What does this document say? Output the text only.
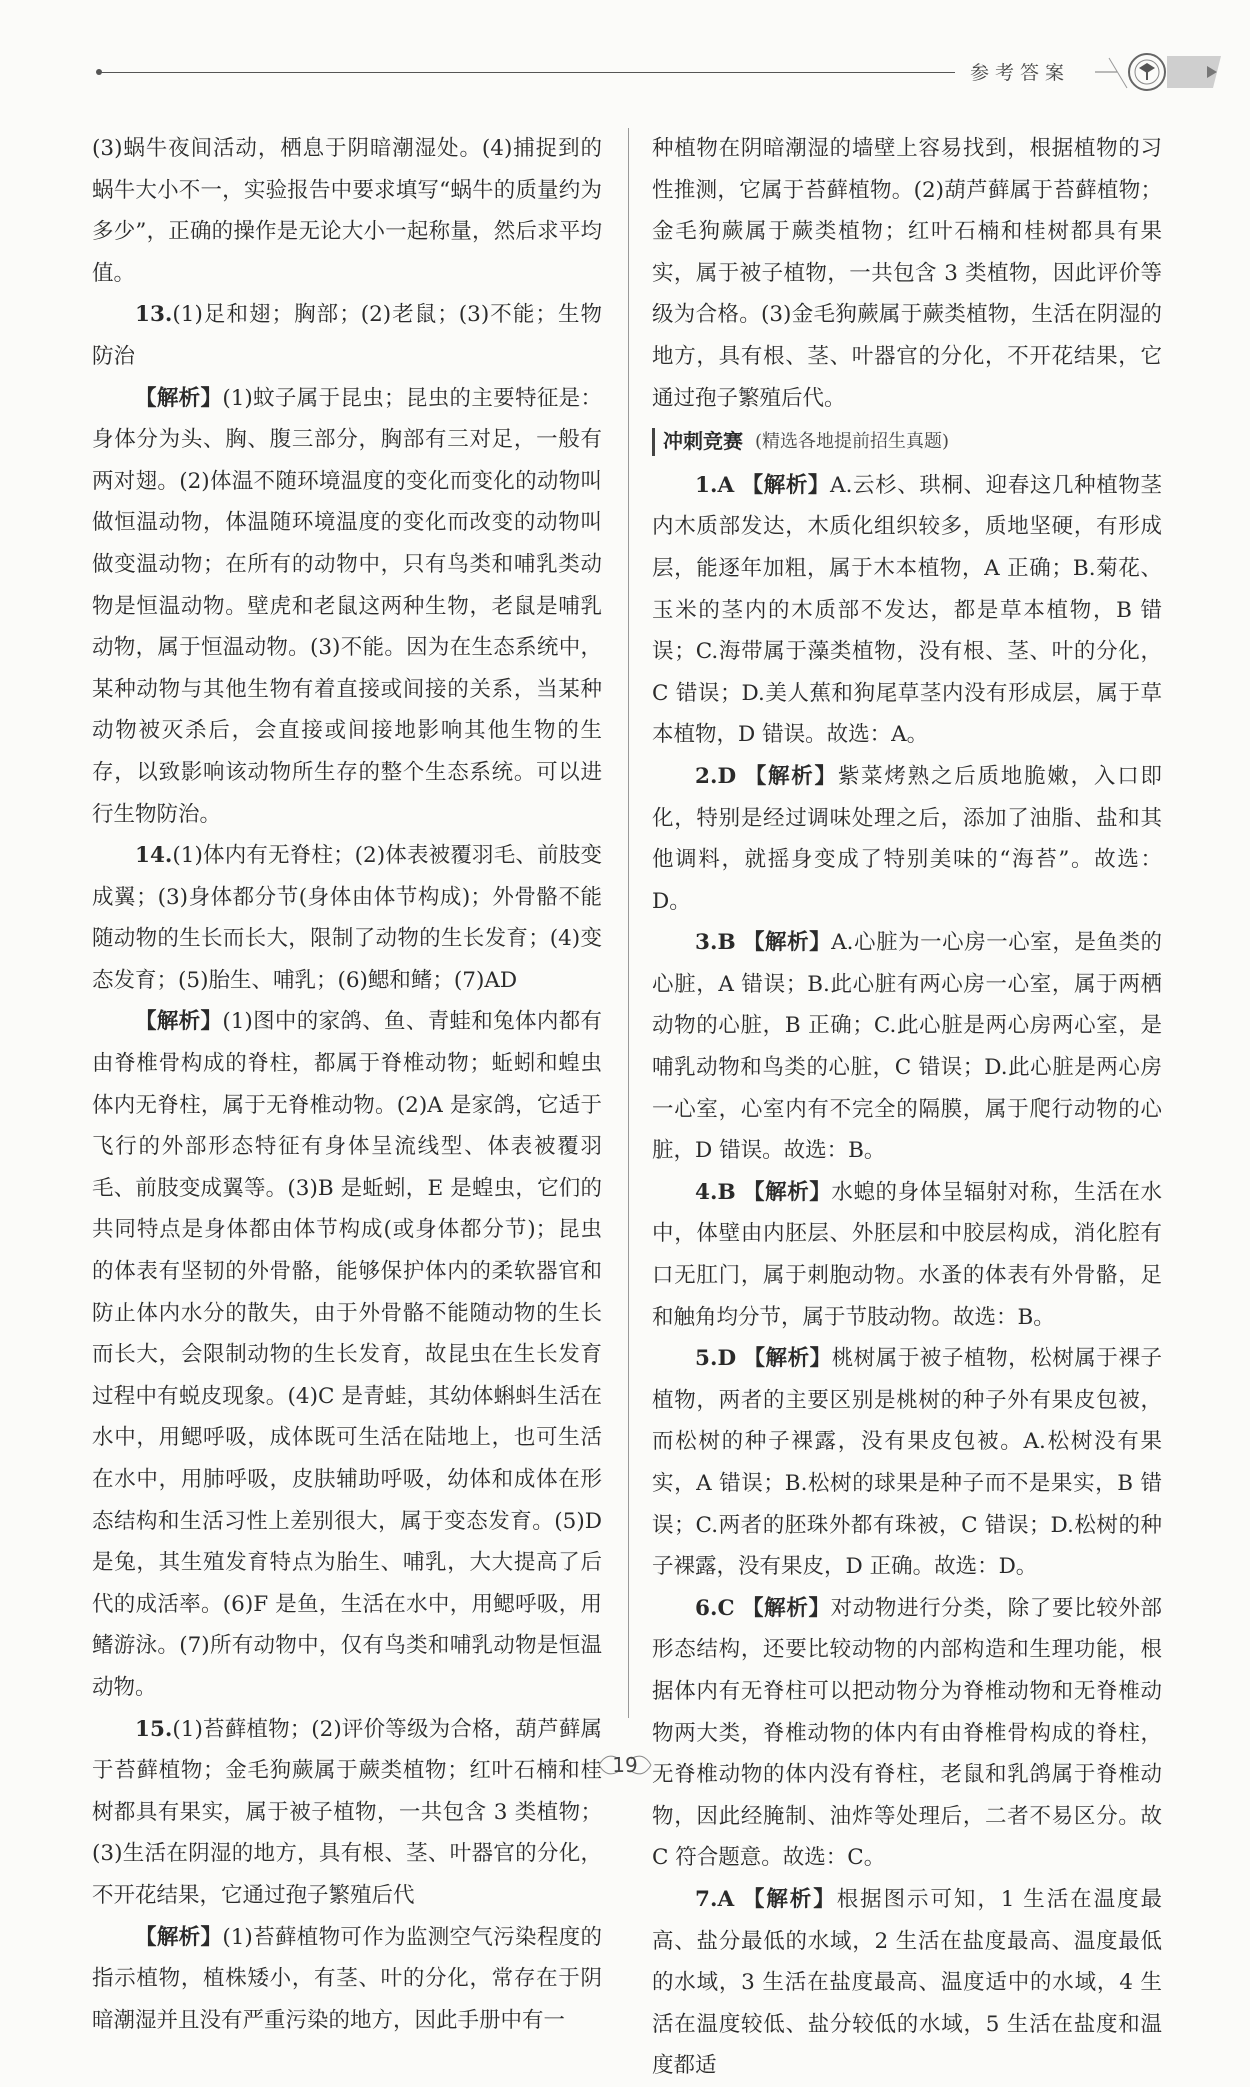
参考答案

(3)蜗牛夜间活动，栖息于阴暗潮湿处。(4)捕捉到的蜗牛大小不一，实验报告中要求填写“蜗牛的质量约为多少”，正确的操作是无论大小一起称量，然后求平均值。

13.(1)足和翅；胸部；(2)老鼠；(3)不能；生物防治

【解析】(1)蚊子属于昆虫；昆虫的主要特征是：身体分为头、胸、腹三部分，胸部有三对足，一般有两对翅。(2)体温不随环境温度的变化而变化的动物叫做恒温动物，体温随环境温度的变化而改变的动物叫做变温动物；在所有的动物中，只有鸟类和哺乳类动物是恒温动物。壁虎和老鼠这两种生物，老鼠是哺乳动物，属于恒温动物。(3)不能。因为在生态系统中，某种动物与其他生物有着直接或间接的关系，当某种动物被灭杀后，会直接或间接地影响其他生物的生存，以致影响该动物所生存的整个生态系统。可以进行生物防治。

14.(1)体内有无脊柱；(2)体表被覆羽毛、前肢变成翼；(3)身体都分节(身体由体节构成)；外骨骼不能随动物的生长而长大，限制了动物的生长发育；(4)变态发育；(5)胎生、哺乳；(6)鳃和鳍；(7)AD

【解析】(1)图中的家鸽、鱼、青蛙和兔体内都有由脊椎骨构成的脊柱，都属于脊椎动物；蚯蚓和蝗虫体内无脊柱，属于无脊椎动物。(2)A 是家鸽，它适于飞行的外部形态特征有身体呈流线型、体表被覆羽毛、前肢变成翼等。(3)B 是蚯蚓，E 是蝗虫，它们的共同特点是身体都由体节构成(或身体都分节)；昆虫的体表有坚韧的外骨骼，能够保护体内的柔软器官和防止体内水分的散失，由于外骨骼不能随动物的生长而长大，会限制动物的生长发育，故昆虫在生长发育过程中有蜕皮现象。(4)C 是青蛙，其幼体蝌蚪生活在水中，用鳃呼吸，成体既可生活在陆地上，也可生活在水中，用肺呼吸，皮肤辅助呼吸，幼体和成体在形态结构和生活习性上差别很大，属于变态发育。(5)D 是兔，其生殖发育特点为胎生、哺乳，大大提高了后代的成活率。(6)F 是鱼，生活在水中，用鳃呼吸，用鳍游泳。(7)所有动物中，仅有鸟类和哺乳动物是恒温动物。

15.(1)苔藓植物；(2)评价等级为合格，葫芦藓属于苔藓植物；金毛狗蕨属于蕨类植物；红叶石楠和桂树都具有果实，属于被子植物，一共包含 3 类植物；(3)生活在阴湿的地方，具有根、茎、叶器官的分化，不开花结果，它通过孢子繁殖后代

【解析】(1)苔藓植物可作为监测空气污染程度的指示植物，植株矮小，有茎、叶的分化，常存在于阴暗潮湿并且没有严重污染的地方，因此手册中有一

种植物在阴暗潮湿的墙壁上容易找到，根据植物的习性推测，它属于苔藓植物。(2)葫芦藓属于苔藓植物；金毛狗蕨属于蕨类植物；红叶石楠和桂树都具有果实，属于被子植物，一共包含 3 类植物，因此评价等级为合格。(3)金毛狗蕨属于蕨类植物，生活在阴湿的地方，具有根、茎、叶器官的分化，不开花结果，它通过孢子繁殖后代。

冲刺竞赛 (精选各地提前招生真题)

1.A 【解析】A.云杉、珙桐、迎春这几种植物茎内木质部发达，木质化组织较多，质地坚硬，有形成层，能逐年加粗，属于木本植物，A 正确；B.菊花、玉米的茎内的木质部不发达，都是草本植物，B 错误；C.海带属于藻类植物，没有根、茎、叶的分化，C 错误；D.美人蕉和狗尾草茎内没有形成层，属于草本植物，D 错误。故选：A。

2.D 【解析】紫菜烤熟之后质地脆嫩，入口即化，特别是经过调味处理之后，添加了油脂、盐和其他调料，就摇身变成了特别美味的“海苔”。故选：D。

3.B 【解析】A.心脏为一心房一心室，是鱼类的心脏，A 错误；B.此心脏有两心房一心室，属于两栖动物的心脏，B 正确；C.此心脏是两心房两心室，是哺乳动物和鸟类的心脏，C 错误；D.此心脏是两心房一心室，心室内有不完全的隔膜，属于爬行动物的心脏，D 错误。故选：B。

4.B 【解析】水螅的身体呈辐射对称，生活在水中，体壁由内胚层、外胚层和中胶层构成，消化腔有口无肛门，属于刺胞动物。水蚤的体表有外骨骼，足和触角均分节，属于节肢动物。故选：B。

5.D 【解析】桃树属于被子植物，松树属于裸子植物，两者的主要区别是桃树的种子外有果皮包被，而松树的种子裸露，没有果皮包被。A.松树没有果实，A 错误；B.松树的球果是种子而不是果实，B 错误；C.两者的胚珠外都有珠被，C 错误；D.松树的种子裸露，没有果皮，D 正确。故选：D。

6.C 【解析】对动物进行分类，除了要比较外部形态结构，还要比较动物的内部构造和生理功能，根据体内有无脊柱可以把动物分为脊椎动物和无脊椎动物两大类，脊椎动物的体内有由脊椎骨构成的脊柱，无脊椎动物的体内没有脊柱，老鼠和乳鸽属于脊椎动物，因此经腌制、油炸等处理后，二者不易区分。故 C 符合题意。故选：C。

7.A 【解析】根据图示可知，1 生活在温度最高、盐分最低的水域，2 生活在盐度最高、温度最低的水域，3 生活在盐度最高、温度适中的水域，4 生活在温度较低、盐分较低的水域，5 生活在盐度和温度都适

19
